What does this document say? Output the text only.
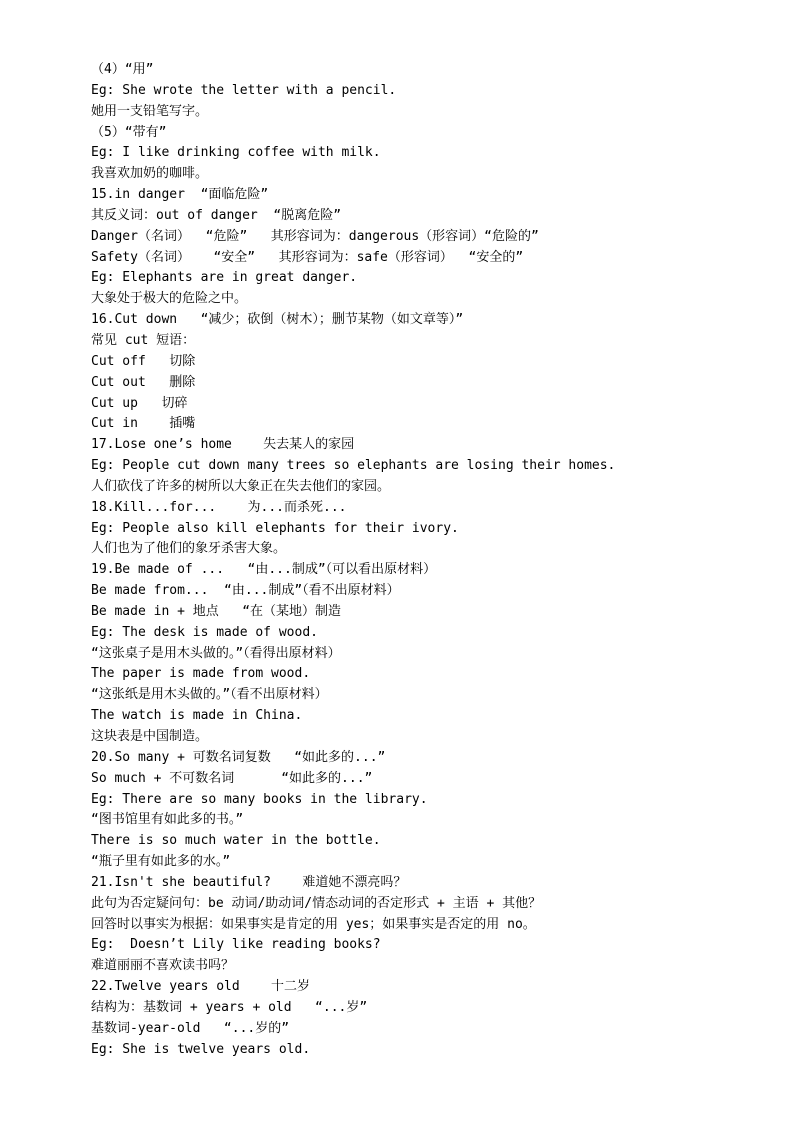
（4）“用”
Eg: She wrote the letter with a pencil.
她用一支铅笔写字。
（5）“带有”
Eg: I like drinking coffee with milk.
我喜欢加奶的咖啡。
15.in danger  “面临危险”
其反义词：out of danger  “脱离危险”
Danger（名词）  “危险”   其形容词为：dangerous（形容词）“危险的”
Safety（名词）   “安全”   其形容词为：safe（形容词）  “安全的”
Eg: Elephants are in great danger.
大象处于极大的危险之中。
16.Cut down   “减少；砍倒（树木）；删节某物（如文章等）”
常见 cut 短语：
Cut off   切除
Cut out   删除
Cut up   切碎
Cut in    插嘴
17.Lose one’s home    失去某人的家园
Eg: People cut down many trees so elephants are losing their homes.
人们砍伐了许多的树所以大象正在失去他们的家园。
18.Kill...for...    为...而杀死...
Eg: People also kill elephants for their ivory.
人们也为了他们的象牙杀害大象。
19.Be made of ...   “由...制成”（可以看出原材料）
Be made from...  “由...制成”（看不出原材料）
Be made in + 地点   “在（某地）制造
Eg: The desk is made of wood.
“这张桌子是用木头做的。”（看得出原材料）
The paper is made from wood.
“这张纸是用木头做的。”（看不出原材料）
The watch is made in China.
这块表是中国制造。
20.So many + 可数名词复数   “如此多的...”
So much + 不可数名词      “如此多的...”
Eg: There are so many books in the library.
“图书馆里有如此多的书。”
There is so much water in the bottle.
“瓶子里有如此多的水。”
21.Isn't she beautiful?    难道她不漂亮吗？
此句为否定疑问句：be 动词/助动词/情态动词的否定形式 + 主语 + 其他？
回答时以事实为根据：如果事实是肯定的用 yes；如果事实是否定的用 no。
Eg:  Doesn’t Lily like reading books?
难道丽丽不喜欢读书吗？
22.Twelve years old    十二岁
结构为：基数词 + years + old   “...岁”
基数词-year-old   “...岁的”
Eg: She is twelve years old.
